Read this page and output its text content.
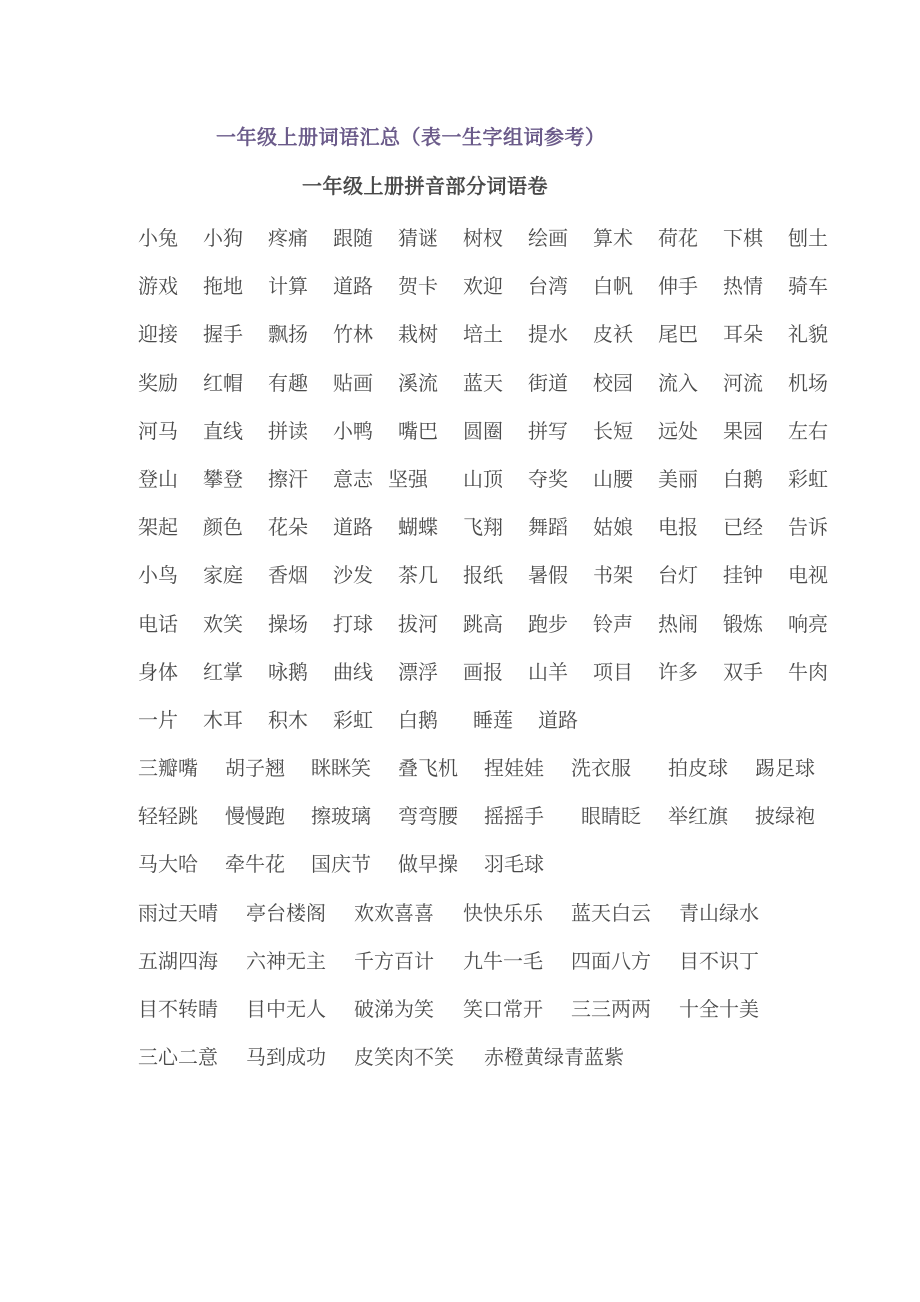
一年级上册词语汇总（表一生字组词参考）
一年级上册拼音部分词语卷
小兔 小狗 疼痛 跟随 猜谜 树杈 绘画 算术 荷花 下棋 刨土
游戏 拖地 计算 道路 贺卡 欢迎 台湾 白帆 伸手 热情 骑车
迎接 握手 飘扬 竹林 栽树 培土 提水 皮袄 尾巴 耳朵 礼貌
奖励 红帽 有趣 贴画 溪流 蓝天 街道 校园 流入 河流 机场
河马 直线 拼读 小鸭 嘴巴 圆圈 拼写 长短 远处 果园 左右
登山 攀登 擦汗 意志 坚强 山顶 夺奖 山腰 美丽 白鹅 彩虹
架起 颜色 花朵 道路 蝴蝶 飞翔 舞蹈 姑娘 电报 已经 告诉
小鸟 家庭 香烟 沙发 茶几 报纸 暑假 书架 台灯 挂钟 电视
电话 欢笑 操场 打球 拔河 跳高 跑步 铃声 热闹 锻炼 响亮
身体 红掌 咏鹅 曲线 漂浮 画报 山羊 项目 许多 双手 牛肉
一片 木耳 积木 彩虹 白鹅 睡莲 道路
三瓣嘴 胡子翘 眯眯笑 叠飞机 捏娃娃 洗衣服 拍皮球 踢足球
轻轻跳 慢慢跑 擦玻璃 弯弯腰 摇摇手 眼睛眨 举红旗 披绿袍
马大哈 牵牛花 国庆节 做早操 羽毛球
雨过天晴 亭台楼阁 欢欢喜喜 快快乐乐 蓝天白云 青山绿水
五湖四海 六神无主 千方百计 九牛一毛 四面八方 目不识丁
目不转睛 目中无人 破涕为笑 笑口常开 三三两两 十全十美
三心二意 马到成功 皮笑肉不笑 赤橙黄绿青蓝紫
